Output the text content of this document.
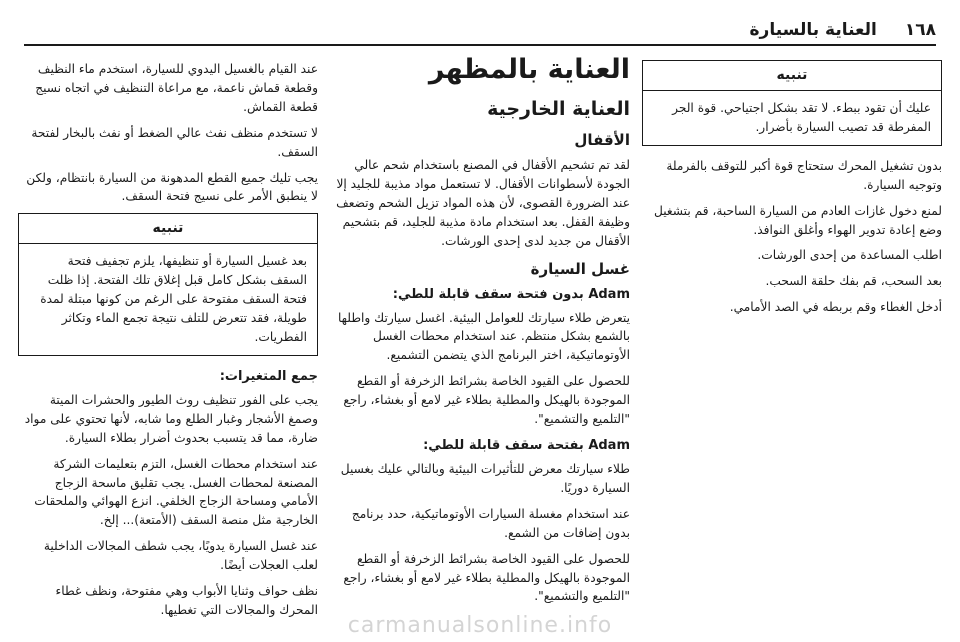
١٦٨
العناية بالسيارة
تنبيه
عليك أن تقود ببطء. لا تقد بشكل اجتياحي. قوة الجر المفرطة قد تصيب السيارة بأضرار.

بدون تشغيل المحرك ستحتاج قوة أكبر للتوقف بالفرملة وتوجيه السيارة.

لمنع دخول غازات العادم من السيارة الساحبة، قم بتشغيل وضع إعادة تدوير الهواء وأغلق النوافذ.

اطلب المساعدة من إحدى الورشات.

بعد السحب، قم بفك حلقة السحب.

أدخل الغطاء وقم بربطه في الصد الأمامي.

العناية بالمظهر
العناية الخارجية
الأقفال

لقد تم تشحيم الأقفال في المصنع باستخدام شحم عالي الجودة لأسطوانات الأقفال. لا تستعمل مواد مذيبة للجليد إلا عند الضرورة القصوى، لأن هذه المواد تزيل الشحم وتضعف وظيفة القفل. بعد استخدام مادة مذيبة للجليد، قم بتشحيم الأقفال من جديد لدى إحدى الورشات.

غسل السيارة
Adam بدون فتحة سقف قابلة للطي:

يتعرض طلاء سيارتك للعوامل البيئية. اغسل سيارتك واطلها بالشمع بشكل منتظم. عند استخدام محطات الغسل الأوتوماتيكية، اختر البرنامج الذي يتضمن التشميع.

للحصول على القيود الخاصة بشرائط الزخرفة أو القطع الموجودة بالهيكل والمطلية بطلاء غير لامع أو بغشاء، راجع "التلميع والتشميع".

Adam بفتحة سقف قابلة للطي:

طلاء سيارتك معرض للتأثيرات البيئية وبالتالي عليك بغسيل السيارة دوريًا.

عند استخدام مغسلة السيارات الأوتوماتيكية، حدد برنامج بدون إضافات من الشمع.

للحصول على القيود الخاصة بشرائط الزخرفة أو القطع الموجودة بالهيكل والمطلية بطلاء غير لامع أو بغشاء، راجع "التلميع والتشميع".

عند القيام بالغسيل اليدوي للسيارة، استخدم ماء النظيف وقطعة قماش ناعمة، مع مراعاة التنظيف في اتجاه نسيج قطعة القماش.

لا تستخدم منظف نفث عالي الضغط أو نفث بالبخار لفتحة السقف.

يجب تليك جميع القطع المدهونة من السيارة بانتظام، ولكن لا ينطبق الأمر على نسيج فتحة السقف.

تنبيه
بعد غسيل السيارة أو تنظيفها، يلزم تجفيف فتحة السقف بشكل كامل قبل إغلاق تلك الفتحة. إذا ظلت فتحة السقف مفتوحة على الرغم من كونها مبتلة لمدة طويلة، فقد تتعرض للتلف نتيجة تجمع الماء وتكاثر الفطريات.
جمع المتغيرات:

يجب على الفور تنظيف روث الطيور والحشرات الميتة وصمغ الأشجار وغبار الطلع وما شابه، لأنها تحتوي على مواد ضارة، مما قد يتسبب بحدوث أضرار بطلاء السيارة.

عند استخدام محطات الغسل، التزم بتعليمات الشركة المصنعة لمحطات الغسل. يجب تقليق ماسحة الزجاج الأمامي ومساحة الزجاج الخلفي. انزع الهوائي والملحقات الخارجية مثل منصة السقف (الأمتعة)... إلخ.

عند غسل السيارة يدويًا، يجب شطف المجالات الداخلية لعلب العجلات أيضًا.

نظف حواف وثنايا الأبواب وهي مفتوحة، ونظف غطاء المحرك والمجالات التي تغطيها.

carmanualsonline.info
